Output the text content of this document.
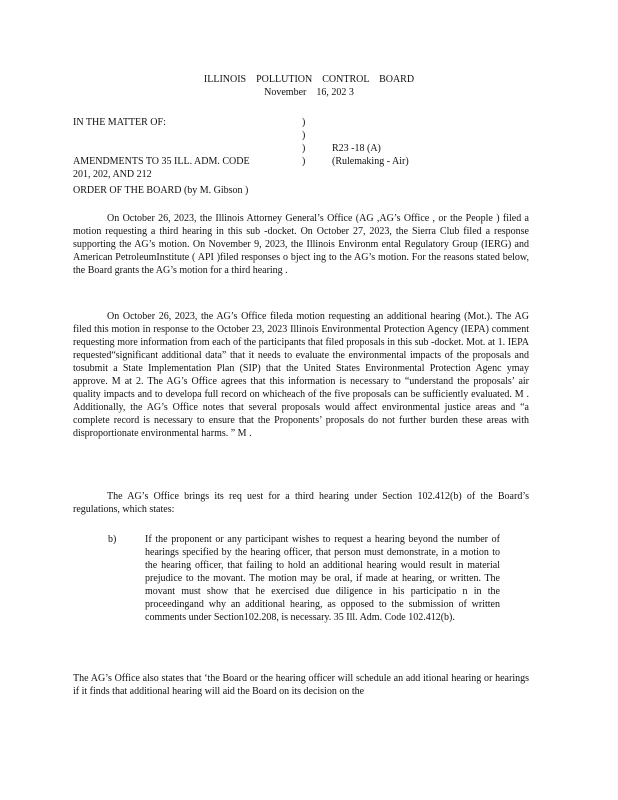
ILLINOIS    POLLUTION    CONTROL    BOARD
November    16, 202 3
IN THE MATTER OF:
AMENDMENTS TO 35 ILL. ADM. CODE
201, 202, AND 212
)
)
)
)
R23 -18 (A)
(Rulemaking - Air)
ORDER OF THE BOARD (by M. Gibson )

On October 26, 2023, the Illinois Attorney General’s Office (AG ,AG’s Office , or the People ) filed a motion requesting a third hearing in this sub -docket. On October 27, 2023, the Sierra Club filed a response supporting the AG’s motion. On November 9, 2023, the Illinois Environm ental Regulatory Group (IERG) and American PetroleumInstitute ( API )filed responses o bject ing to the AG’s motion. For the reasons stated below, the Board grants the AG’s motion for a third hearing .

On October 26, 2023, the AG’s Office fileda motion requesting an additional hearing (Mot.). The AG filed this motion in response to the October 23, 2023 Illinois Environmental Protection Agency (IEPA) comment requesting more information from each of the participants that filed proposals in this sub -docket. Mot. at 1. IEPA requested“significant additional data” that it needs to evaluate the environmental impacts of the proposals and tosubmit a State Implementation Plan (SIP) that the United States Environmental Protection Agenc ymay approve. M at 2. The AG’s Office agrees that this information is necessary to “understand the proposals’ air quality impacts and to developa full record on whicheach of the five proposals can be sufficiently evaluated. M . Additionally, the AG’s Office notes that several proposals would affect environmental justice areas and “a complete record is necessary to ensure that the Proponents’ proposals do not further burden these areas with disproportionate environmental harms. ” M .

The AG’s Office brings its req uest for a third hearing under Section 102.412(b) of the Board’s regulations, which states:

b)	If the proponent or any participant wishes to request a hearing beyond the number of hearings specified by the hearing officer, that person must demonstrate, in a motion to the hearing officer, that failing to hold an additional hearing would result in material prejudice to the movant. The motion may be oral, if made at hearing, or written. The movant must show that he exercised due diligence in his participatio n in the proceedingand why an additional hearing, as opposed to the submission of written comments under Section102.208, is necessary. 35 Ill. Adm. Code 102.412(b).

The AG’s Office also states that ‘the Board or the hearing officer will schedule an add itional hearing or hearings if it finds that additional hearing will aid the Board on its decision on the
